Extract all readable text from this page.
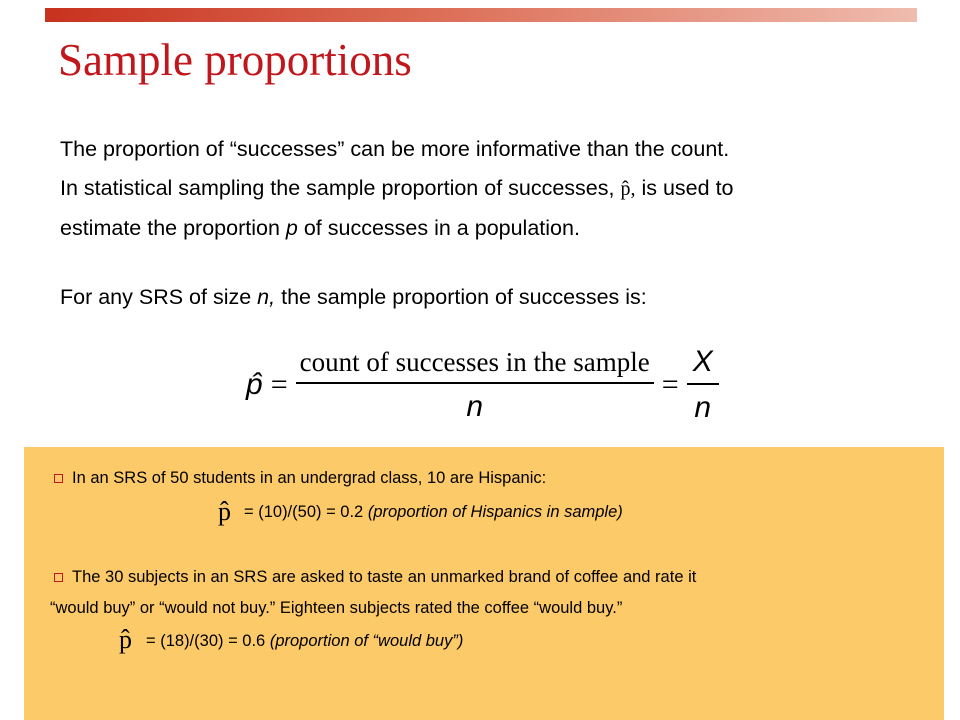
Sample proportions
The proportion of “successes” can be more informative than the count.
In statistical sampling the sample proportion of successes, p̂, is used to
estimate the proportion p of successes in a population.
For any SRS of size n, the sample proportion of successes is:
p̂ = $\frac{\text{count of successes in the sample}}{n} = \frac{X}{n}$
In an SRS of 50 students in an undergrad class, 10 are Hispanic:
p̂ = (10)/(50) = 0.2 (proportion of Hispanics in sample)
The 30 subjects in an SRS are asked to taste an unmarked brand of coffee and rate it
“would buy” or “would not buy.” Eighteen subjects rated the coffee “would buy.”
p̂ = (18)/(30) = 0.6 (proportion of “would buy”)
